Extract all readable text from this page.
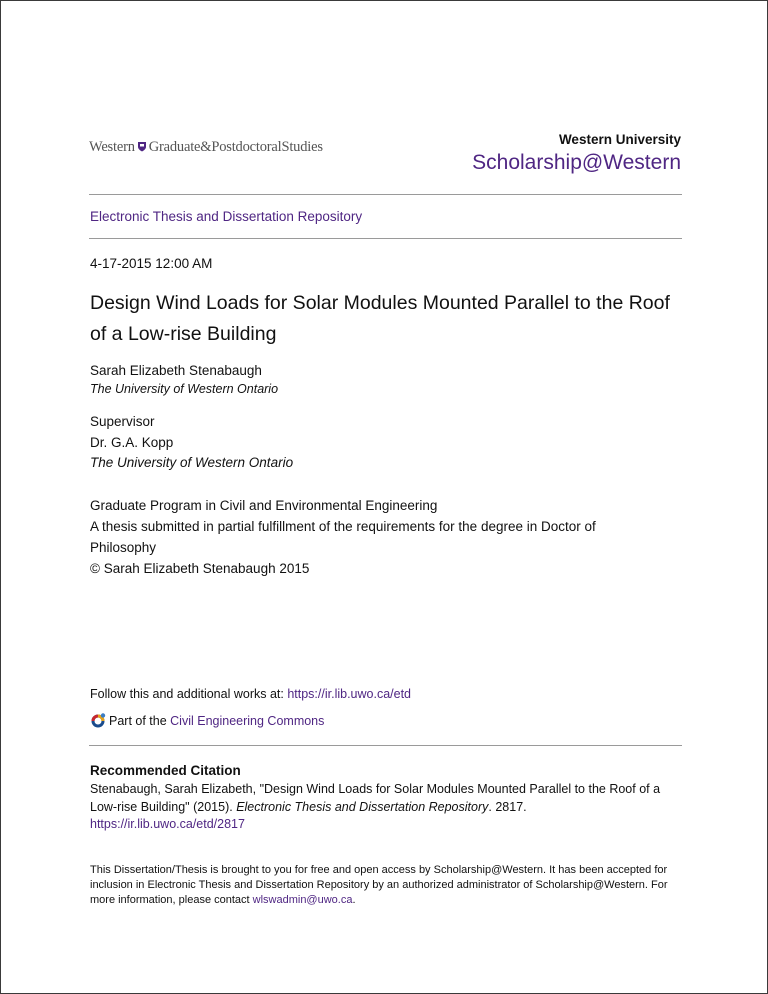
Western Graduate&PostdoctoralStudies	Western University
Scholarship@Western
Electronic Thesis and Dissertation Repository
4-17-2015 12:00 AM
Design Wind Loads for Solar Modules Mounted Parallel to the Roof of a Low-rise Building
Sarah Elizabeth Stenabaugh
The University of Western Ontario
Supervisor
Dr. G.A. Kopp
The University of Western Ontario
Graduate Program in Civil and Environmental Engineering
A thesis submitted in partial fulfillment of the requirements for the degree in Doctor of Philosophy
© Sarah Elizabeth Stenabaugh 2015
Follow this and additional works at: https://ir.lib.uwo.ca/etd
Part of the Civil Engineering Commons
Recommended Citation
Stenabaugh, Sarah Elizabeth, "Design Wind Loads for Solar Modules Mounted Parallel to the Roof of a Low-rise Building" (2015). Electronic Thesis and Dissertation Repository. 2817.
https://ir.lib.uwo.ca/etd/2817
This Dissertation/Thesis is brought to you for free and open access by Scholarship@Western. It has been accepted for inclusion in Electronic Thesis and Dissertation Repository by an authorized administrator of Scholarship@Western. For more information, please contact wlswadmin@uwo.ca.
